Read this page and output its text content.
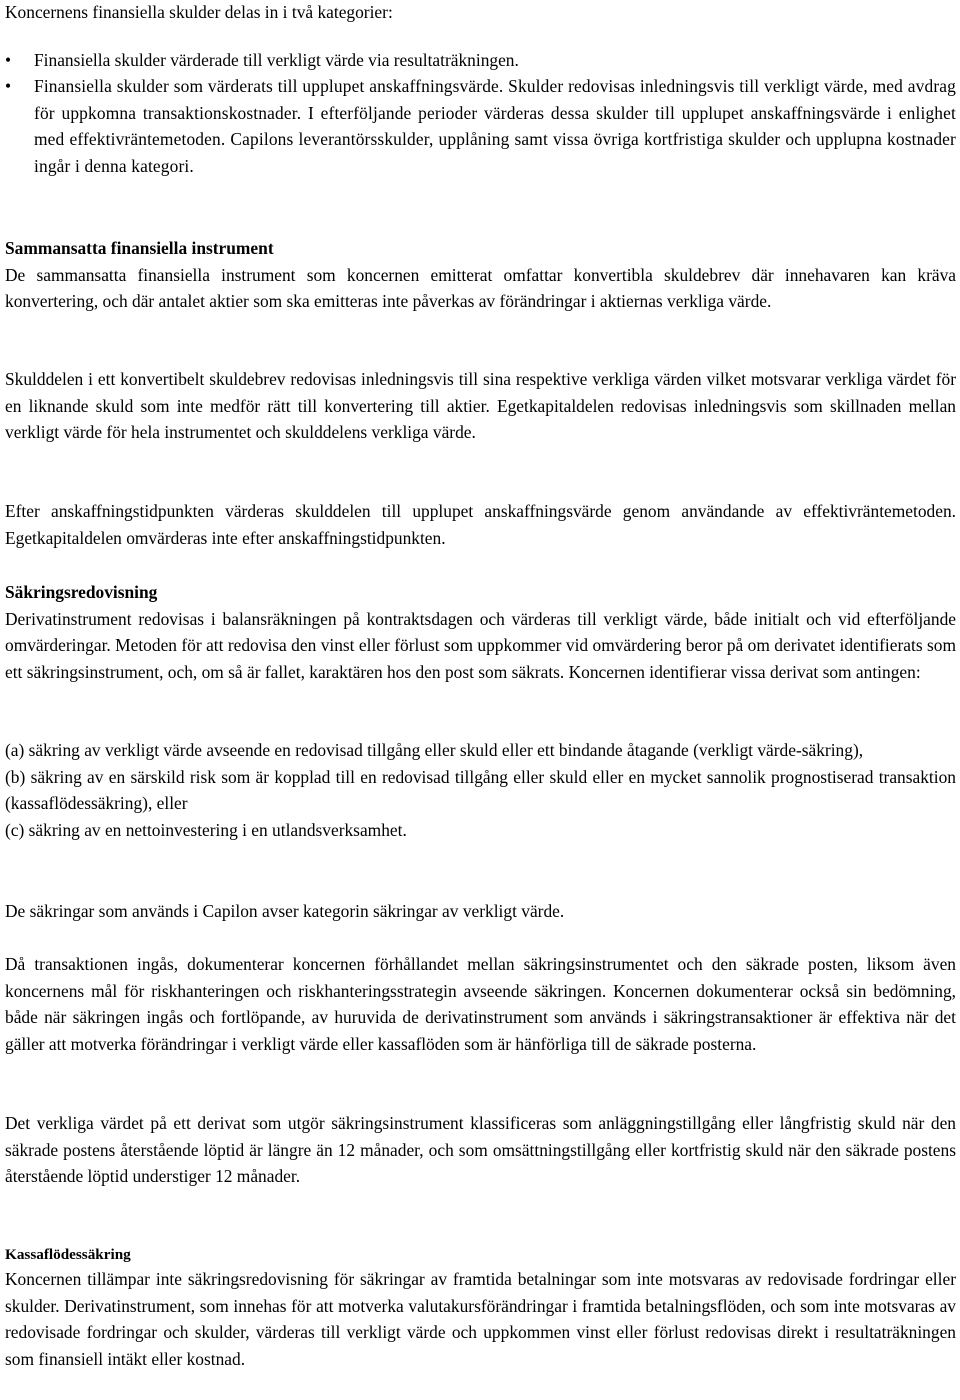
Koncernens finansiella skulder delas in i två kategorier:

• Finansiella skulder värderade till verkligt värde via resultaträkningen.
• Finansiella skulder som värderats till upplupet anskaffningsvärde. Skulder redovisas inledningsvis till verkligt värde, med avdrag för uppkomna transaktionskostnader. I efterföljande perioder värderas dessa skulder till upplupet anskaffningsvärde i enlighet med effektivräntemetoden. Capilons leverantörsskulder, upplåning samt vissa övriga kortfristiga skulder och upplupna kostnader ingår i denna kategori.

Sammansatta finansiella instrument

De sammansatta finansiella instrument som koncernen emitterat omfattar konvertibla skuldebrev där innehavaren kan kräva konvertering, och där antalet aktier som ska emitteras inte påverkas av förändringar i aktiernas verkliga värde.

Skulddelen i ett konvertibelt skuldebrev redovisas inledningsvis till sina respektive verkliga värden vilket motsvarar verkliga värdet för en liknande skuld som inte medför rätt till konvertering till aktier. Egetkapitaldelen redovisas inledningsvis som skillnaden mellan verkligt värde för hela instrumentet och skulddelens verkliga värde.

Efter anskaffningstidpunkten värderas skulddelen till upplupet anskaffningsvärde genom användande av effektivräntemetoden. Egetkapitaldelen omvärderas inte efter anskaffningstidpunkten.

Säkringsredovisning

Derivatinstrument redovisas i balansräkningen på kontraktsdagen och värderas till verkligt värde, både initialt och vid efterföljande omvärderingar. Metoden för att redovisa den vinst eller förlust som uppkommer vid omvärdering beror på om derivatet identifierats som ett säkringsinstrument, och, om så är fallet, karaktären hos den post som säkrats. Koncernen identifierar vissa derivat som antingen:

(a) säkring av verkligt värde avseende en redovisad tillgång eller skuld eller ett bindande åtagande (verkligt värde-säkring),

(b) säkring av en särskild risk som är kopplad till en redovisad tillgång eller skuld eller en mycket sannolik prognostiserad transaktion (kassaflödessäkring), eller

(c) säkring av en nettoinvestering i en utlandsverksamhet.

De säkringar som används i Capilon avser kategorin säkringar av verkligt värde.

Då transaktionen ingås, dokumenterar koncernen förhållandet mellan säkringsinstrumentet och den säkrade posten, liksom även koncernens mål för riskhanteringen och riskhanteringsstrategin avseende säkringen. Koncernen dokumenterar också sin bedömning, både när säkringen ingås och fortlöpande, av huruvida de derivatinstrument som används i säkringstransaktioner är effektiva när det gäller att motverka förändringar i verkligt värde eller kassaflöden som är hänförliga till de säkrade posterna.

Det verkliga värdet på ett derivat som utgör säkringsinstrument klassificeras som anläggningstillgång eller långfristig skuld när den säkrade postens återstående löptid är längre än 12 månader, och som omsättningstillgång eller kortfristig skuld när den säkrade postens återstående löptid understiger 12 månader.

Kassaflödessäkring

Koncernen tillämpar inte säkringsredovisning för säkringar av framtida betalningar som inte motsvaras av redovisade fordringar eller skulder. Derivatinstrument, som innehas för att motverka valutakursförändringar i framtida betalningsflöden, och som inte motsvaras av redovisade fordringar och skulder, värderas till verkligt värde och uppkommen vinst eller förlust redovisas direkt i resultaträkningen som finansiell intäkt eller kostnad.
